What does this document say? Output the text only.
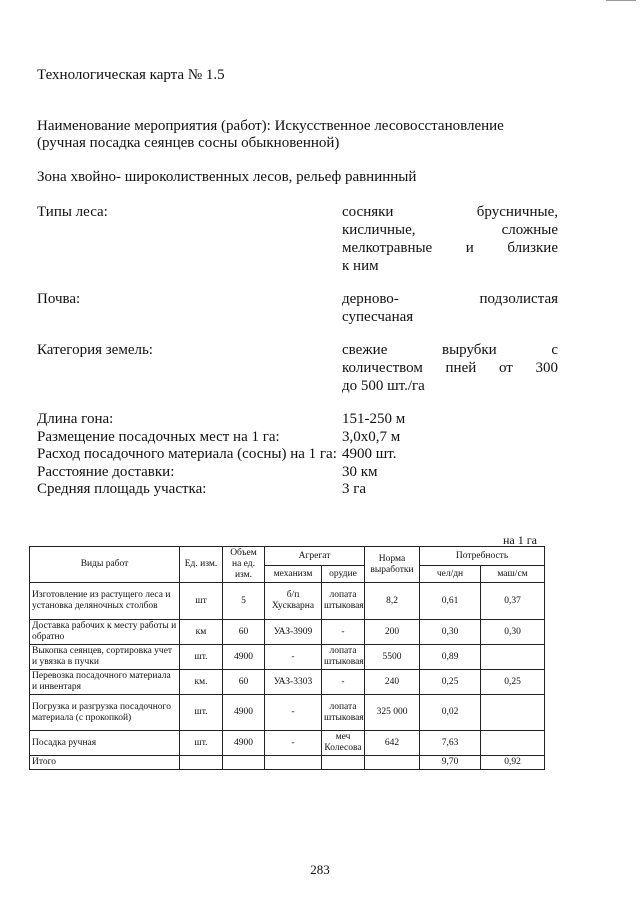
Технологическая карта № 1.5
Наименование мероприятия (работ): Искусственное лесовосстановление
(ручная посадка сеянцев сосны обыкновенной)
Зона хвойно- широколиственных лесов, рельеф равнинный
Типы леса:	сосняки брусничные,
кисличные, сложные
мелкотравные и близкие
к ним
Почва:	дерново- подзолистая
супесчаная
Категория земель:	свежие вырубки с
количеством пней от 300
до 500 шт./га
Длина гона:	151-250 м
Размещение посадочных мест на 1 га:	3,0х0,7 м
Расход посадочного материала (сосны) на 1 га: 4900 шт.
Расстояние доставки:	30 км
Средняя площадь участка:	3 га
на 1 га
Виды работ	Ед. изм.	Объем на ед. изм.	Агрегат		Норма выработки	Потребность	
			механизм	орудие		чел/дн	маш/см
Изготовление из растущего леса и установка деляночных столбов	шт	5	б/п Хускварна	лопата штыковая	8,2	0,61	0,37
Доставка рабочих к месту работы и обратно	км	60	УАЗ-3909	-	200	0,30	0,30
Выкопка сеянцев, сортировка учет и увязка в пучки	шт.	4900	-	лопата штыковая	5500	0,89	
Перевозка посадочного материала и инвентаря	км.	60	УАЗ-3303	-	240	0,25	0,25
Погрузка и разгрузка посадочного материала (с прокопкой)	шт.	4900	-	лопата штыковая	325 000	0,02	
Посадка ручная	шт.	4900	-	меч Колесова	642	7,63	
Итого						9,70	0,92
283
